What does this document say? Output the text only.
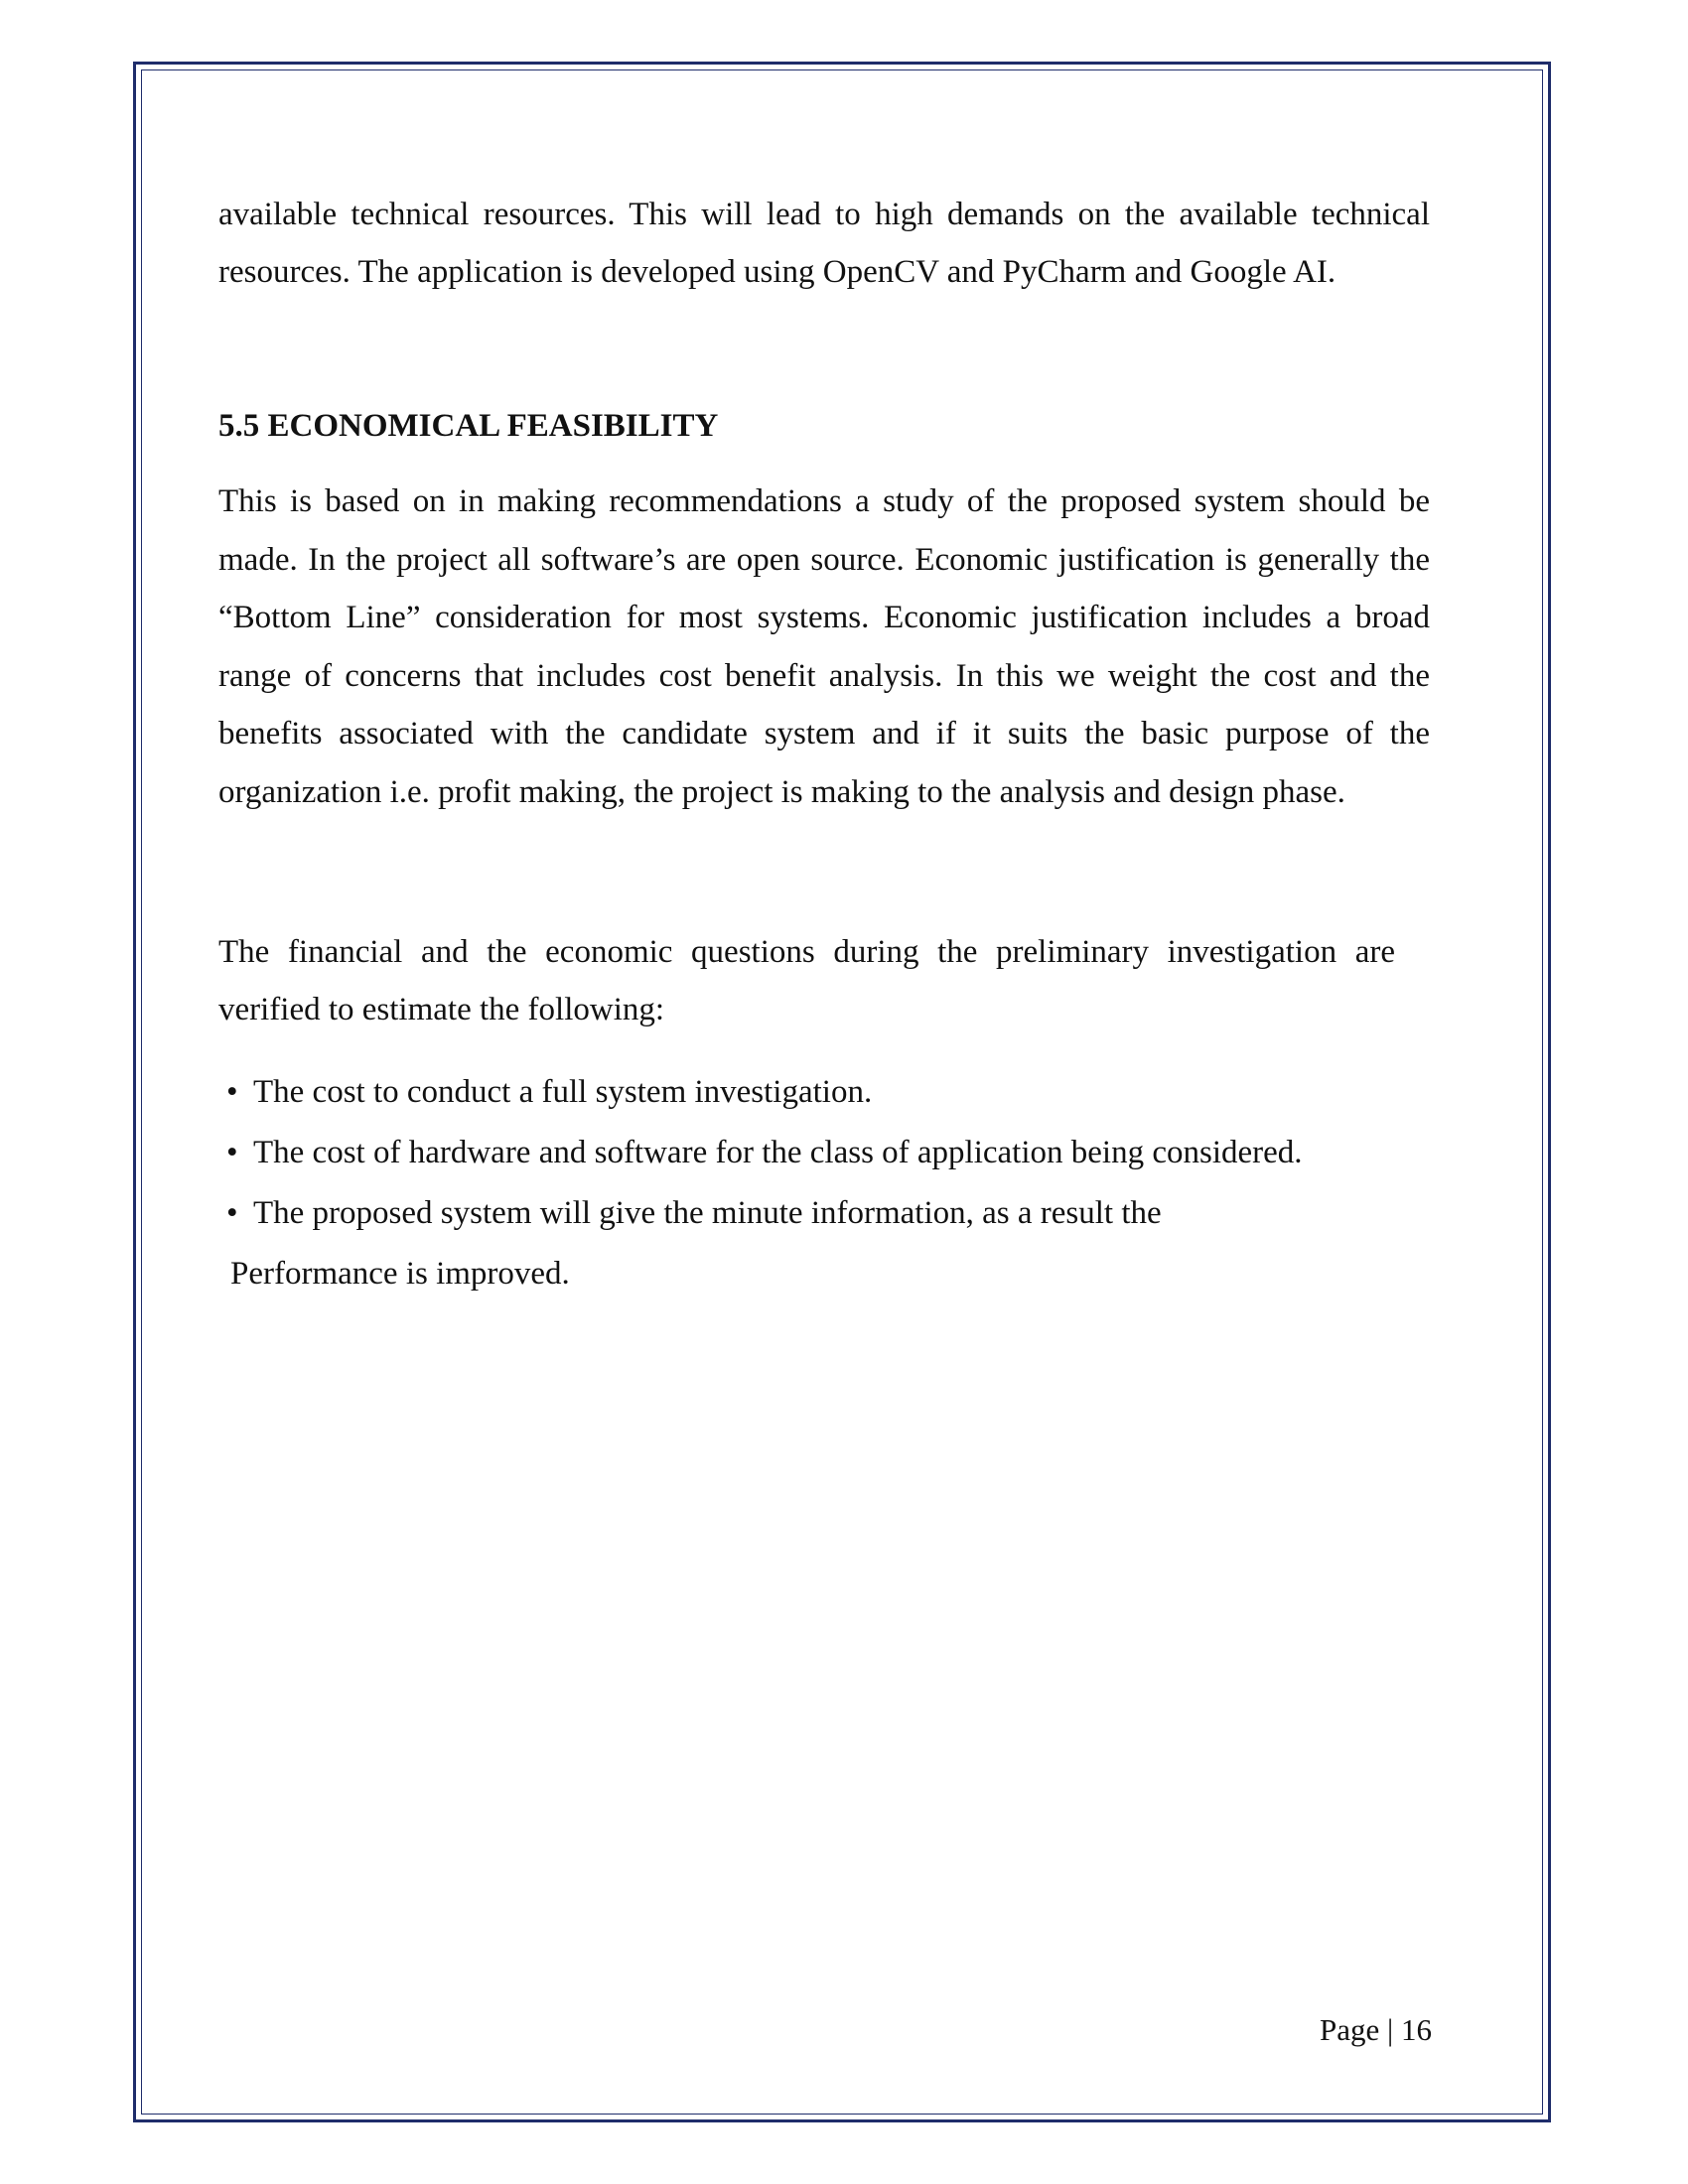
available technical resources. This will lead to high demands on the available technical resources. The application is developed using OpenCV and PyCharm and Google AI.

5.5 ECONOMICAL FEASIBILITY

This is based on in making recommendations a study of the proposed system should be made. In the project all software’s are open source. Economic justification is generally the “Bottom Line” consideration for most systems. Economic justification includes a broad range of concerns that includes cost benefit analysis. In this we weight the cost and the benefits associated with the candidate system and if it suits the basic purpose of the organization i.e. profit making, the project is making to the analysis and design phase.

The financial and the economic questions during the preliminary investigation are verified to estimate the following:

• The cost to conduct a full system investigation.
• The cost of hardware and software for the class of application being considered.
• The proposed system will give the minute information, as a result the
Performance is improved.
Page | 16
